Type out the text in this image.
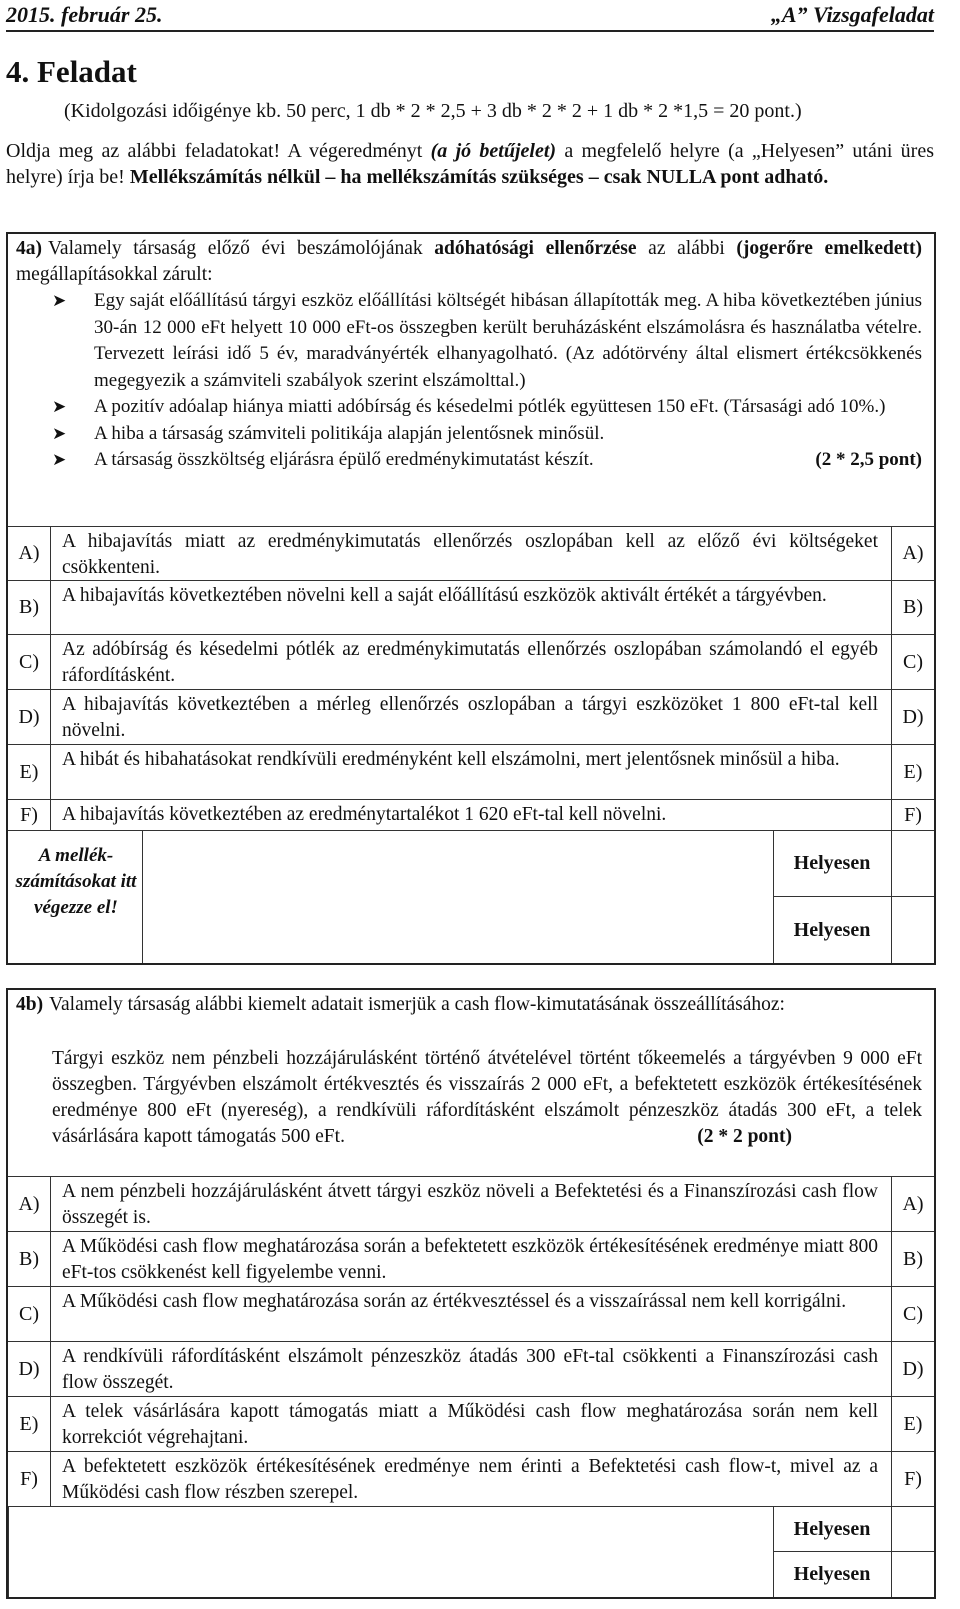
2015. február 25.	„A” Vizsgafeladat
4. Feladat
(Kidolgozási időigénye kb. 50 perc, 1 db * 2 * 2,5 + 3 db * 2 * 2 + 1 db * 2 *1,5 = 20 pont.)
Oldja meg az alábbi feladatokat! A végeredményt (a jó betűjelet) a megfelelő helyre (a „Helyesen” utáni üres helyre) írja be! Mellékszámítás nélkül – ha mellékszámítás szükséges – csak NULLA pont adható.
4a) Valamely társaság előző évi beszámolójának adóhatósági ellenőrzése az alábbi (jogerőre emelkedett) megállapításokkal zárult:
➤ Egy saját előállítású tárgyi eszköz előállítási költségét hibásan állapították meg. A hiba következtében június 30-án 12 000 eFt helyett 10 000 eFt-os összegben került beruházásként elszámolásra és használatba vételre. Tervezett leírási idő 5 év, maradványérték elhanyagolható. (Az adótörvény által elismert értékcsökkenés megegyezik a számviteli szabályok szerint elszámolttal.)
➤ A pozitív adóalap hiánya miatti adóbírság és késedelmi pótlék együttesen 150 eFt. (Társasági adó 10%.)
➤ A hiba a társaság számviteli politikája alapján jelentősnek minősül.
➤ A társaság összköltség eljárásra épülő eredménykimutatást készít.	(2 * 2,5 pont)
A)
A hibajavítás miatt az eredménykimutatás ellenőrzés oszlopában kell az előző évi költségeket csökkenteni.
A)
B)
A hibajavítás következtében növelni kell a saját előállítású eszközök aktivált értékét a tárgyévben.
B)
C)
Az adóbírság és késedelmi pótlék az eredménykimutatás ellenőrzés oszlopában számolandó el egyéb ráfordításként.
C)
D)
A hibajavítás következtében a mérleg ellenőrzés oszlopában a tárgyi eszközöket 1 800 eFt-tal kell növelni.
D)
E)
A hibát és hibahatásokat rendkívüli eredményként kell elszámolni, mert jelentősnek minősül a hiba.
E)
F)	A hibajavítás következtében az eredménytartalékot 1 620 eFt-tal kell növelni.	F)
A mellék-számításokat itt végezze el!
Helyesen
Helyesen
4b) Valamely társaság alábbi kiemelt adatait ismerjük a cash flow-kimutatásának összeállításához:
Tárgyi eszköz nem pénzbeli hozzájárulásként történő átvételével történt tőkeemelés a tárgyévben 9 000 eFt összegben. Tárgyévben elszámolt értékvesztés és visszaírás 2 000 eFt, a befektetett eszközök értékesítésének eredménye 800 eFt (nyereség), a rendkívüli ráfordításként elszámolt pénzeszköz átadás 300 eFt, a telek vásárlására kapott támogatás 500 eFt.	(2 * 2 pont)
A)
A nem pénzbeli hozzájárulásként átvett tárgyi eszköz növeli a Befektetési és a Finanszírozási cash flow összegét is.
A)
B)
A Működési cash flow meghatározása során a befektetett eszközök értékesítésének eredménye miatt 800 eFt-tos csökkenést kell figyelembe venni.
B)
C)
A Működési cash flow meghatározása során az értékvesztéssel és a visszaírással nem kell korrigálni.
C)
D)
A rendkívüli ráfordításként elszámolt pénzeszköz átadás 300 eFt-tal csökkenti a Finanszírozási cash flow összegét.
D)
E)
A telek vásárlására kapott támogatás miatt a Működési cash flow meghatározása során nem kell korrekciót végrehajtani.
E)
F)
A befektetett eszközök értékesítésének eredménye nem érinti a Befektetési cash flow-t, mivel az a Működési cash flow részben szerepel.
F)
Helyesen
Helyesen
